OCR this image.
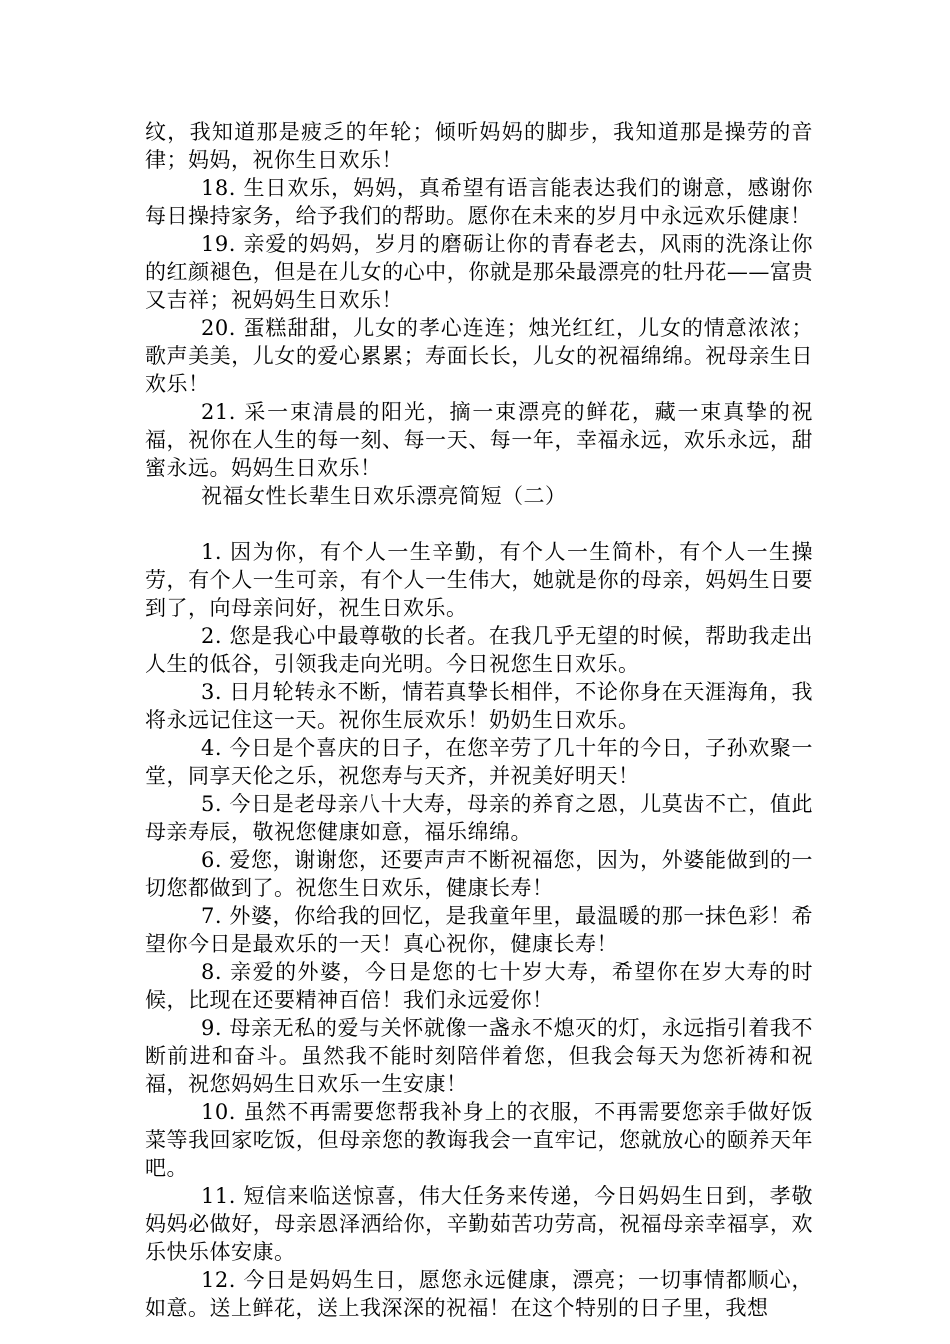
纹，我知道那是疲乏的年轮；倾听妈妈的脚步，我知道那是操劳的音律；妈妈，祝你生日欢乐！

18. 生日欢乐，妈妈，真希望有语言能表达我们的谢意，感谢你每日操持家务，给予我们的帮助。愿你在未来的岁月中永远欢乐健康！

19. 亲爱的妈妈，岁月的磨砺让你的青春老去，风雨的洗涤让你的红颜褪色，但是在儿女的心中，你就是那朵最漂亮的牡丹花——富贵又吉祥；祝妈妈生日欢乐！

20. 蛋糕甜甜，儿女的孝心连连；烛光红红，儿女的情意浓浓；歌声美美，儿女的爱心累累；寿面长长，儿女的祝福绵绵。祝母亲生日欢乐！

21. 采一束清晨的阳光，摘一束漂亮的鲜花，藏一束真挚的祝福，祝你在人生的每一刻、每一天、每一年，幸福永远，欢乐永远，甜蜜永远。妈妈生日欢乐！

祝福女性长辈生日欢乐漂亮简短（二）

1. 因为你，有个人一生辛勤，有个人一生简朴，有个人一生操劳，有个人一生可亲，有个人一生伟大，她就是你的母亲，妈妈生日要到了，向母亲问好，祝生日欢乐。

2. 您是我心中最尊敬的长者。在我几乎无望的时候，帮助我走出人生的低谷，引领我走向光明。今日祝您生日欢乐。

3. 日月轮转永不断，情若真挚长相伴，不论你身在天涯海角，我将永远记住这一天。祝你生辰欢乐！奶奶生日欢乐。

4. 今日是个喜庆的日子，在您辛劳了几十年的今日，子孙欢聚一堂，同享天伦之乐，祝您寿与天齐，并祝美好明天！

5. 今日是老母亲八十大寿，母亲的养育之恩，儿莫齿不亡，值此母亲寿辰，敬祝您健康如意，福乐绵绵。

6. 爱您，谢谢您，还要声声不断祝福您，因为，外婆能做到的一切您都做到了。祝您生日欢乐，健康长寿！

7. 外婆，你给我的回忆，是我童年里，最温暖的那一抹色彩！希望你今日是最欢乐的一天！真心祝你，健康长寿！

8. 亲爱的外婆，今日是您的七十岁大寿，希望你在岁大寿的时候，比现在还要精神百倍！我们永远爱你！

9. 母亲无私的爱与关怀就像一盏永不熄灭的灯，永远指引着我不断前进和奋斗。虽然我不能时刻陪伴着您，但我会每天为您祈祷和祝福，祝您妈妈生日欢乐一生安康！

10. 虽然不再需要您帮我补身上的衣服，不再需要您亲手做好饭菜等我回家吃饭，但母亲您的教诲我会一直牢记，您就放心的颐养天年吧。

11. 短信来临送惊喜，伟大任务来传递，今日妈妈生日到，孝敬妈妈必做好，母亲恩泽洒给你，辛勤茹苦功劳高，祝福母亲幸福享，欢乐快乐体安康。

12. 今日是妈妈生日，愿您永远健康，漂亮；一切事情都顺心，如意。送上鲜花，送上我深深的祝福！在这个特别的日子里，我想
